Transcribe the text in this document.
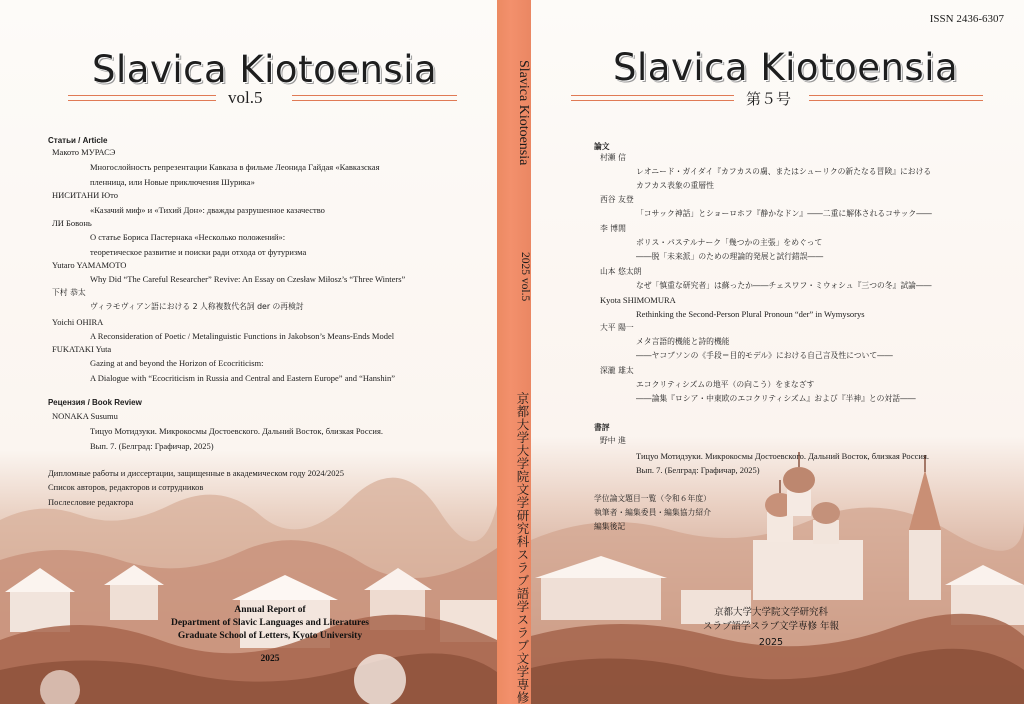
Slavica Kiotoensia
vol.5
Статьи / Article
Макото МУРАСЭ
Многослойность репрезентации Кавказа в фильме Леонида Гайдая «Кавказская
пленница, или Новые приключения Шурика»
НИСИТАНИ Юто
«Казачий миф» и «Тихий Дон»: дважды разрушенное казачество
ЛИ Бовонь
О статье Бориса Пастернака «Несколько положений»:
теоретическое развитие и поиски ради отхода от футуризма
Yutaro YAMAMOTO
Why Did “The Careful Researcher” Revive: An Essay on Czesław Miłosz’s “Three Winters”
下村 恭太
ヴィラモヴィアン語における 2 人称複数代名詞 der の再検討
Yoichi OHIRA
A Reconsideration of Poetic / Metalinguistic Functions in Jakobson’s Means-Ends Model
FUKATAKI Yuta
Gazing at and beyond the Horizon of Ecocriticism:
A Dialogue with “Ecocriticism in Russia and Central and Eastern Europe” and “Hanshin”
Рецензия / Book Review
NONAKA Susumu
Тицуо Мотидзуки. Микрокосмы Достоевского. Дальний Восток, близкая Россия.
Вып. 7. (Белград: Графичар, 2025)
Дипломные работы и диссертации, защищенные в академическом году 2024/2025
Список авторов, редакторов и сотрудников
Послесловие редактора
Annual Report of
Department of Slavic Languages and Literatures
Graduate School of Letters, Kyoto University
2025
Slavica Kiotoensia
2025 vol.5
京都大学大学院文学研究科スラブ語学スラブ文学専修
ISSN 2436-6307
Slavica Kiotoensia
第５号
論文
村瀬 信
レオニード・ガイダイ『カフカスの虜、またはシューリクの新たなる冒険』における
カフカス表象の重層性
西谷 友登
「コサック神話」とショーロホフ『静かなドン』――二重に解体されるコサック――
李 博閒
ボリス・パステルナーク「幾つかの主張」をめぐって
――脱「未来派」のための理論的発展と試行錯誤――
山本 悠太朗
なぜ「慎重な研究者」は蘇ったか――チェスワフ・ミウォシュ『三つの冬』試論――
Kyota SHIMOMURA
Rethinking the Second-Person Plural Pronoun “der” in Wymysorys
大平 陽一
メタ言語的機能と詩的機能
――ヤコブソンの《手段＝目的モデル》における自己言及性について――
深瀧 雄太
エコクリティシズムの地平（の向こう）をまなざす
――論集『ロシア・中東欧のエコクリティシズム』および『半神』との対話――
書評
野中 進
Тицуо Мотидзуки. Микрокосмы Достоевского. Дальний Восток, близкая Россия.
Вып. 7. (Белград: Графичар, 2025)
学位論文題目一覧（令和６年度）
執筆者・編集委員・編集協力紹介
編集後記
京都大学大学院文学研究科
スラブ語学スラブ文学専修 年報
2025
